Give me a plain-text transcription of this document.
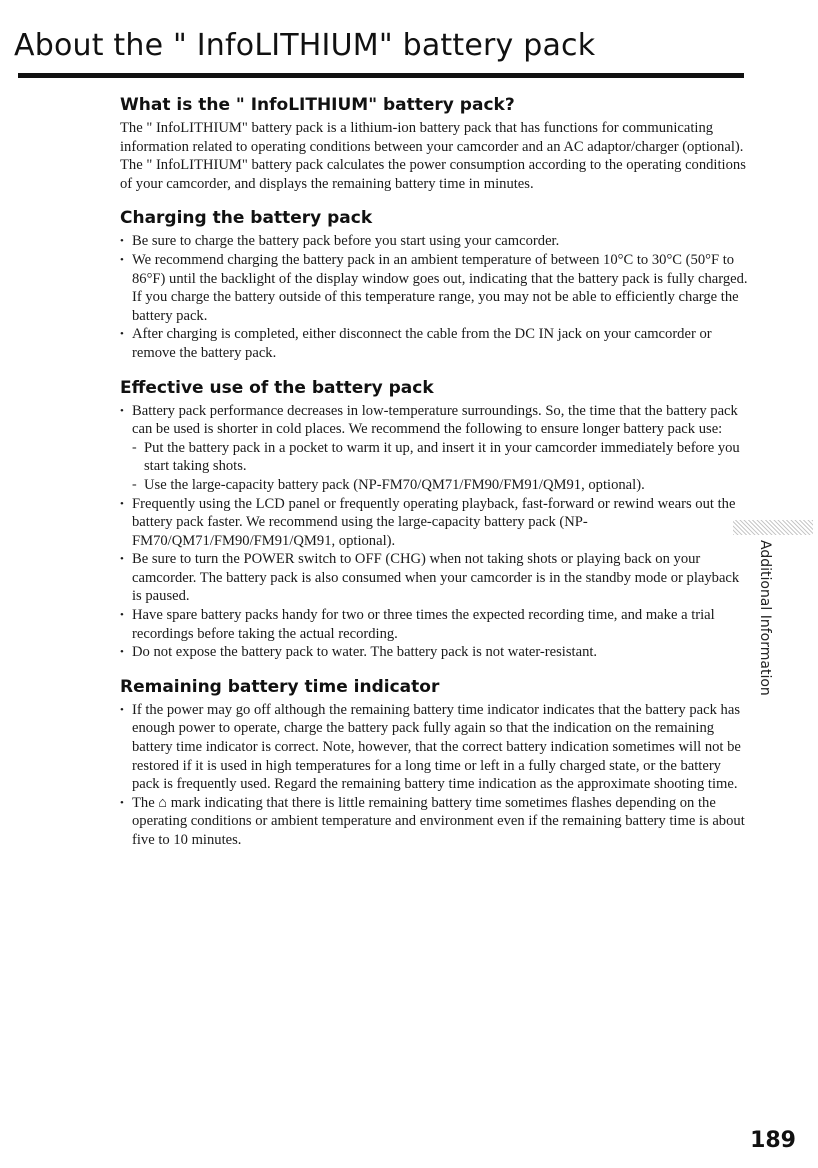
About the " InfoLITHIUM" battery pack
What is the " InfoLITHIUM" battery pack?

The " InfoLITHIUM" battery pack is a lithium-ion battery pack that has functions for communicating information related to operating conditions between your camcorder and an AC adaptor/charger (optional).

The " InfoLITHIUM" battery pack calculates the power consumption according to the operating conditions of your camcorder, and displays the remaining battery time in minutes.

Charging the battery pack
• Be sure to charge the battery pack before you start using your camcorder.
• We recommend charging the battery pack in an ambient temperature of between 10°C to 30°C (50°F to 86°F) until the backlight of the display window goes out, indicating that the battery pack is fully charged. If you charge the battery outside of this temperature range, you may not be able to efficiently charge the battery pack.
• After charging is completed, either disconnect the cable from the DC IN jack on your camcorder or remove the battery pack.
Effective use of the battery pack
• Battery pack performance decreases in low-temperature surroundings. So, the time that the battery pack can be used is shorter in cold places. We recommend the following to ensure longer battery pack use:
- Put the battery pack in a pocket to warm it up, and insert it in your camcorder immediately before you start taking shots.
- Use the large-capacity battery pack (NP-FM70/QM71/FM90/FM91/QM91, optional).
• Frequently using the LCD panel or frequently operating playback, fast-forward or rewind wears out the battery pack faster. We recommend using the large-capacity battery pack (NP-FM70/QM71/FM90/FM91/QM91, optional).
• Be sure to turn the POWER switch to OFF (CHG) when not taking shots or playing back on your camcorder. The battery pack is also consumed when your camcorder is in the standby mode or playback is paused.
• Have spare battery packs handy for two or three times the expected recording time, and make a trial recordings before taking the actual recording.
• Do not expose the battery pack to water. The battery pack is not water-resistant.
Remaining battery time indicator
• If the power may go off although the remaining battery time indicator indicates that the battery pack has enough power to operate, charge the battery pack fully again so that the indication on the remaining battery time indicator is correct. Note, however, that the correct battery indication sometimes will not be restored if it is used in high temperatures for a long time or left in a fully charged state, or the battery pack is frequently used. Regard the remaining battery time indication as the approximate shooting time.
• The ⌂ mark indicating that there is little remaining battery time sometimes flashes depending on the operating conditions or ambient temperature and environment even if the remaining battery time is about five to 10 minutes.
Additional Information
189
